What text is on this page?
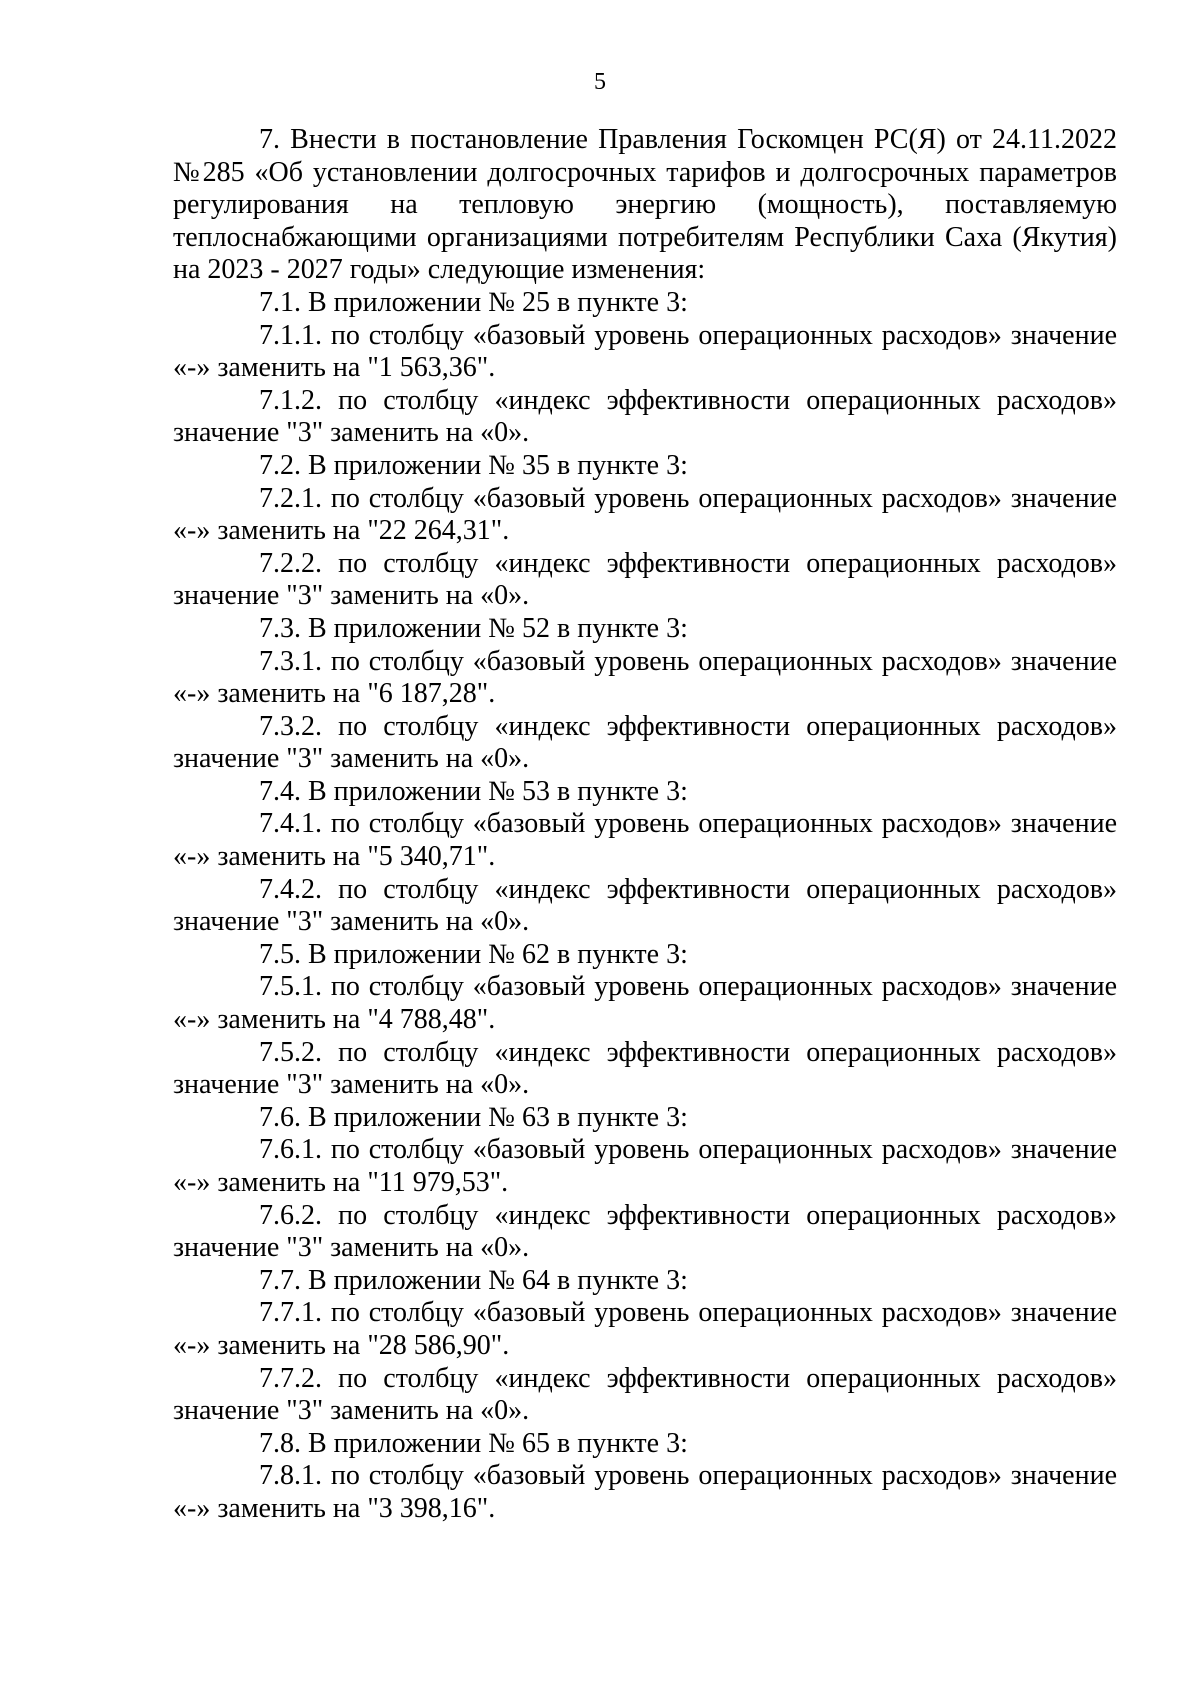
5

7. Внести в постановление Правления Госкомцен РС(Я) от 24.11.2022 №285 «Об установлении долгосрочных тарифов и долгосрочных параметров регулирования на тепловую энергию (мощность), поставляемую теплоснабжающими организациями потребителям Республики Саха (Якутия) на 2023 - 2027 годы» следующие изменения:

7.1. В приложении № 25 в пункте 3:

7.1.1. по столбцу «базовый уровень операционных расходов» значение «-» заменить на "1 563,36".

7.1.2. по столбцу «индекс эффективности операционных расходов» значение "3" заменить на «0».

7.2. В приложении № 35 в пункте 3:

7.2.1. по столбцу «базовый уровень операционных расходов» значение «-» заменить на "22 264,31".

7.2.2. по столбцу «индекс эффективности операционных расходов» значение "3" заменить на «0».

7.3. В приложении № 52 в пункте 3:

7.3.1. по столбцу «базовый уровень операционных расходов» значение «-» заменить на "6 187,28".

7.3.2. по столбцу «индекс эффективности операционных расходов» значение "3" заменить на «0».

7.4. В приложении № 53 в пункте 3:

7.4.1. по столбцу «базовый уровень операционных расходов» значение «-» заменить на "5 340,71".

7.4.2. по столбцу «индекс эффективности операционных расходов» значение "3" заменить на «0».

7.5. В приложении № 62 в пункте 3:

7.5.1. по столбцу «базовый уровень операционных расходов» значение «-» заменить на "4 788,48".

7.5.2. по столбцу «индекс эффективности операционных расходов» значение "3" заменить на «0».

7.6. В приложении № 63 в пункте 3:

7.6.1. по столбцу «базовый уровень операционных расходов» значение «-» заменить на "11 979,53".

7.6.2. по столбцу «индекс эффективности операционных расходов» значение "3" заменить на «0».

7.7. В приложении № 64 в пункте 3:

7.7.1. по столбцу «базовый уровень операционных расходов» значение «-» заменить на "28 586,90".

7.7.2. по столбцу «индекс эффективности операционных расходов» значение "3" заменить на «0».

7.8. В приложении № 65 в пункте 3:

7.8.1. по столбцу «базовый уровень операционных расходов» значение «-» заменить на "3 398,16".
